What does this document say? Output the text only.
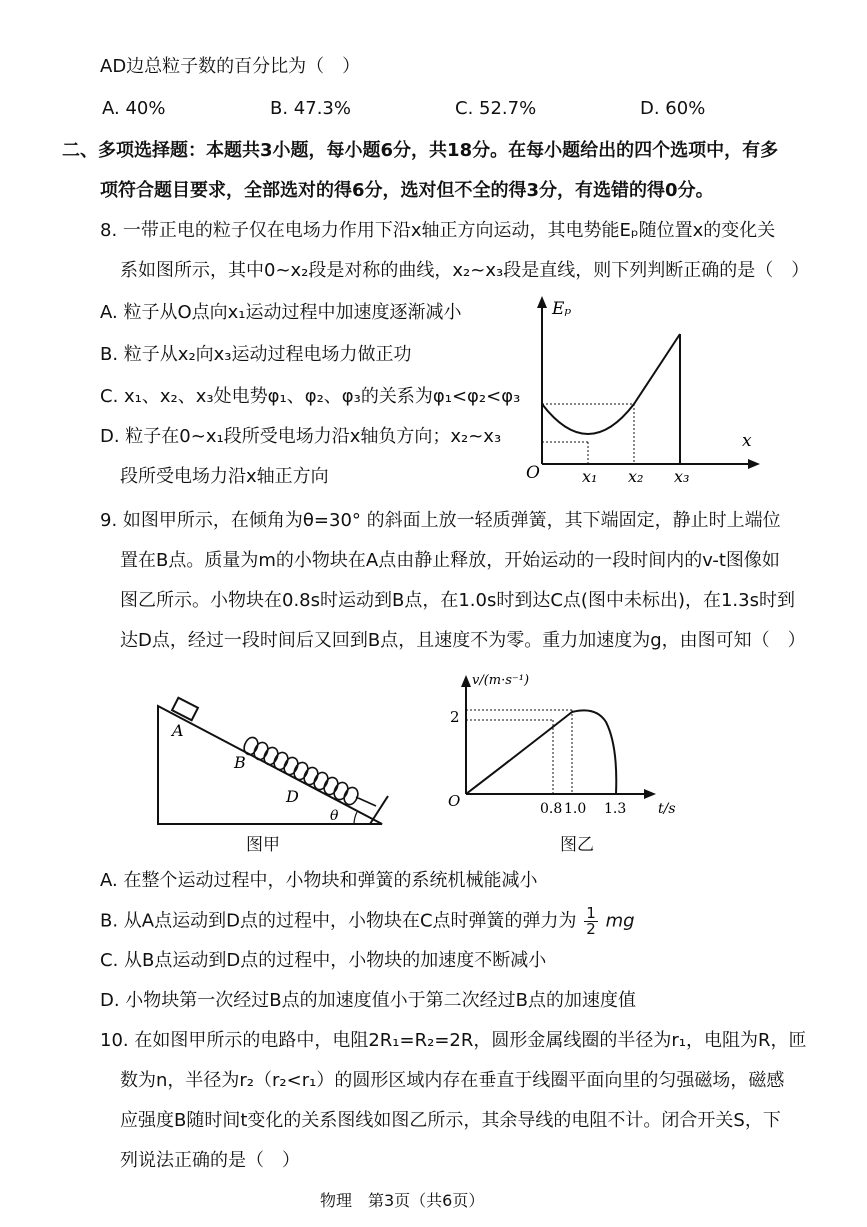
AD边总粒子数的百分比为（　）
A. 40%	B. 47.3%	C. 52.7%	D. 60%
二、多项选择题：本题共3小题，每小题6分，共18分。在每小题给出的四个选项中，有多
项符合题目要求，全部选对的得6分，选对但不全的得3分，有选错的得0分。
8. 一带正电的粒子仅在电场力作用下沿x轴正方向运动，其电势能Eₚ随位置x的变化关
系如图所示，其中0~x₂段是对称的曲线，x₂~x₃段是直线，则下列判断正确的是（　）
A. 粒子从O点向x₁运动过程中加速度逐渐减小
B. 粒子从x₂向x₃运动过程电场力做正功
C. x₁、x₂、x₃处电势φ₁、φ₂、φ₃的关系为φ₁<φ₂<φ₃
D. 粒子在0~x₁段所受电场力沿x轴负方向；x₂~x₃
段所受电场力沿x轴正方向
Eₚ
x
O	x₁ x₂ x₃
9. 如图甲所示，在倾角为θ=30° 的斜面上放一轻质弹簧，其下端固定，静止时上端位
置在B点。质量为m的小物块在A点由静止释放，开始运动的一段时间内的v-t图像如
图乙所示。小物块在0.8s时运动到B点，在1.0s时到达C点(图中未标出)，在1.3s时到
达D点，经过一段时间后又回到B点，且速度不为零。重力加速度为g，由图可知（　）
A
B
D
θ
图甲
v/(m·s⁻¹)
2
O	0.8 1.0 1.3 t/s
图乙
A. 在整个运动过程中，小物块和弹簧的系统机械能减小
B. 从A点运动到D点的过程中，小物块在C点时弹簧的弹力为 $\frac{1}{2}$ mg
C. 从B点运动到D点的过程中，小物块的加速度不断减小
D. 小物块第一次经过B点的加速度值小于第二次经过B点的加速度值
10. 在如图甲所示的电路中，电阻2R₁=R₂=2R，圆形金属线圈的半径为r₁，电阻为R，匝
数为n，半径为r₂（r₂<r₁）的圆形区域内存在垂直于线圈平面向里的匀强磁场，磁感
应强度B随时间t变化的关系图线如图乙所示，其余导线的电阻不计。闭合开关S，下
列说法正确的是（　）
物理　第3页（共6页）
